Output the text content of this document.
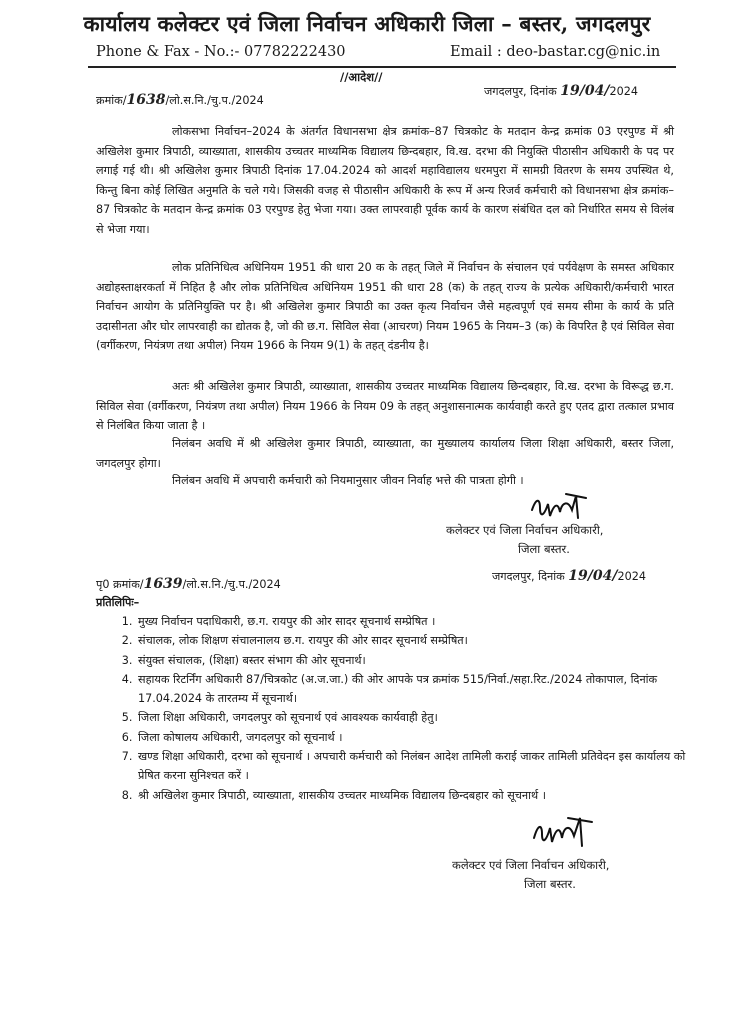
कार्यालय कलेक्टर एवं जिला निर्वाचन अधिकारी जिला – बस्तर, जगदलपुर
Phone & Fax - No.:- 07782222430	Email : deo-bastar.cg@nic.in
//आदेश//
क्रमांक/1638/लो.स.नि./चु.प./2024
जगदलपुर, दिनांक 19/04/2024
लोकसभा निर्वाचन–2024 के अंतर्गत विधानसभा क्षेत्र क्रमांक–87 चित्रकोट के मतदान केन्द्र क्रमांक 03 एरपुण्ड में श्री अखिलेश कुमार त्रिपाठी, व्याख्याता, शासकीय उच्चतर माध्यमिक विद्यालय छिन्दबहार, वि.ख. दरभा की नियुक्ति पीठासीन अधिकारी के पद पर लगाई गई थी। श्री अखिलेश कुमार त्रिपाठी दिनांक 17.04.2024 को आदर्श महाविद्यालय धरमपुरा में सामग्री वितरण के समय उपस्थित थे, किन्तु बिना कोई लिखित अनुमति के चले गये। जिसकी वजह से पीठासीन अधिकारी के रूप में अन्य रिजर्व कर्मचारी को विधानसभा क्षेत्र क्रमांक–87 चित्रकोट के मतदान केन्द्र क्रमांक 03 एरपुण्ड हेतु भेजा गया। उक्त लापरवाही पूर्वक कार्य के कारण संबंधित दल को निर्धारित समय से विलंब से भेजा गया।
लोक प्रतिनिधित्व अधिनियम 1951 की धारा 20 क के तहत् जिले में निर्वाचन के संचालन एवं पर्यवेक्षण के समस्त अधिकार अद्योहस्ताक्षरकर्ता में निहित है और लोक प्रतिनिधित्व अधिनियम 1951 की धारा 28 (क) के तहत् राज्य के प्रत्येक अधिकारी/कर्मचारी भारत निर्वाचन आयोग के प्रतिनियुक्ति पर है। श्री अखिलेश कुमार त्रिपाठी का उक्त कृत्य निर्वाचन जैसे महत्वपूर्ण एवं समय सीमा के कार्य के प्रति उदासीनता और घोर लापरवाही का द्योतक है, जो की छ.ग. सिविल सेवा (आचरण) नियम 1965 के नियम–3 (क) के विपरित है एवं सिविल सेवा (वर्गीकरण, नियंत्रण तथा अपील) नियम 1966 के नियम 9(1) के तहत् दंडनीय है।
अतः श्री अखिलेश कुमार त्रिपाठी, व्याख्याता, शासकीय उच्चतर माध्यमिक विद्यालय छिन्दबहार, वि.ख. दरभा के विरूद्ध छ.ग. सिविल सेवा (वर्गीकरण, नियंत्रण तथा अपील) नियम 1966 के नियम 09 के तहत् अनुशासनात्मक कार्यवाही करते हुए एतद द्वारा तत्काल प्रभाव से निलंबित किया जाता है ।
निलंबन अवधि में श्री अखिलेश कुमार त्रिपाठी, व्याख्याता, का मुख्यालय कार्यालय जिला शिक्षा अधिकारी, बस्तर जिला, जगदलपुर होगा।
निलंबन अवधि में अपचारी कर्मचारी को नियमानुसार जीवन निर्वाह भत्ते की पात्रता होगी ।
कलेक्टर एवं जिला निर्वाचन अधिकारी,
जिला बस्तर.
पृ0 क्रमांक/1639/लो.स.नि./चु.प./2024
जगदलपुर, दिनांक 19/04/2024
प्रतिलिपिः–
1. मुख्य निर्वाचन पदाधिकारी, छ.ग. रायपुर की ओर सादर सूचनार्थ सम्प्रेषित ।
2. संचालक, लोक शिक्षण संचालनालय छ.ग. रायपुर की ओर सादर सूचनार्थ सम्प्रेषित।
3. संयुक्त संचालक, (शिक्षा) बस्तर संभाग की ओर सूचनार्थ।
4. सहायक रिटर्निंग अधिकारी 87/चित्रकोट (अ.ज.जा.) की ओर आपके पत्र क्रमांक 515/निर्वा./सहा.रिट./2024 तोकापाल, दिनांक 17.04.2024 के तारतम्य में सूचनार्थ।
5. जिला शिक्षा अधिकारी, जगदलपुर को सूचनार्थ एवं आवश्यक कार्यवाही हेतु।
6. जिला कोषालय अधिकारी, जगदलपुर को सूचनार्थ ।
7. खण्ड शिक्षा अधिकारी, दरभा को सूचनार्थ । अपचारी कर्मचारी को निलंबन आदेश तामिली कराई जाकर तामिली प्रतिवेदन इस कार्यालय को प्रेषित करना सुनिश्चत करें ।
8. श्री अखिलेश कुमार त्रिपाठी, व्याख्याता, शासकीय उच्चतर माध्यमिक विद्यालय छिन्दबहार को सूचनार्थ ।
कलेक्टर एवं जिला निर्वाचन अधिकारी,
जिला बस्तर.
